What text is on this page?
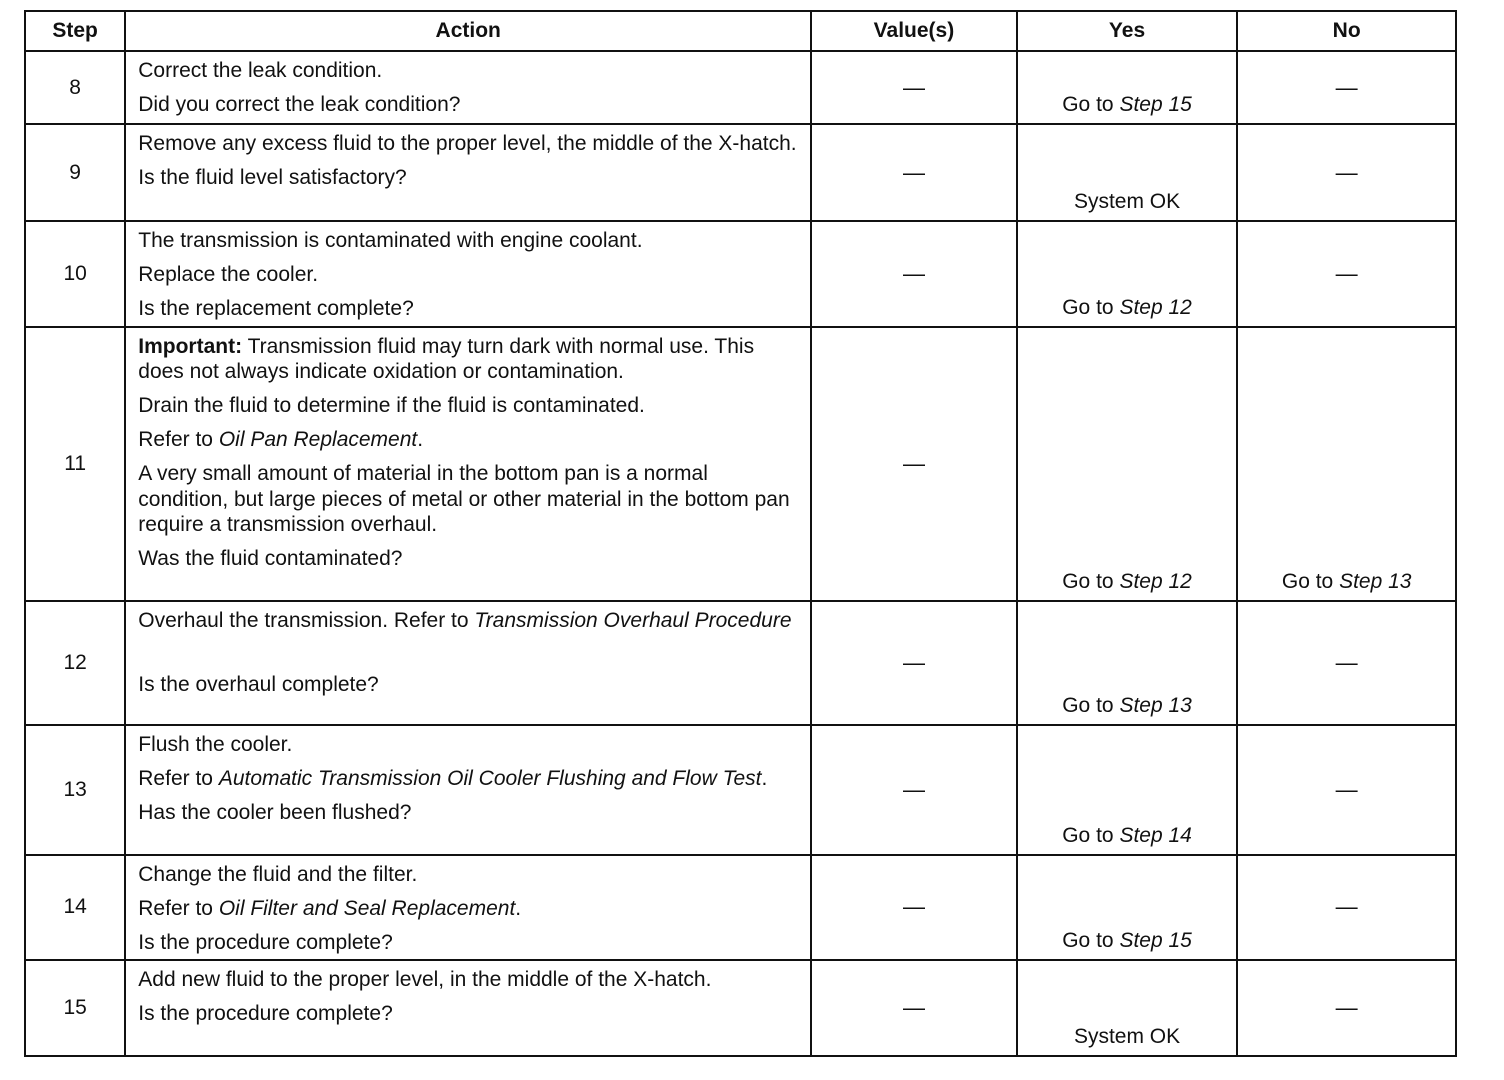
Step	Action	Value(s)	Yes	No
8	Correct the leak condition.

Did you correct the leak condition?	—	Go to Step 15	—
9	Remove any excess fluid to the proper level, the middle of the X-hatch.

Is the fluid level satisfactory?	—	System OK	—
10	The transmission is contaminated with engine coolant.

Replace the cooler.

Is the replacement complete?	—	Go to Step 12	—
11	Important: Transmission fluid may turn dark with normal use. This does not always indicate oxidation or contamination.

Drain the fluid to determine if the fluid is contaminated.

Refer to Oil Pan Replacement.

A very small amount of material in the bottom pan is a normal condition, but large pieces of metal or other material in the bottom pan require a transmission overhaul.

Was the fluid contaminated?	—	Go to Step 12	Go to Step 13
12	Overhaul the transmission. Refer to Transmission Overhaul Procedure

Is the overhaul complete?	—	Go to Step 13	—
13	Flush the cooler.

Refer to Automatic Transmission Oil Cooler Flushing and Flow Test.

Has the cooler been flushed?	—	Go to Step 14	—
14	Change the fluid and the filter.

Refer to Oil Filter and Seal Replacement.

Is the procedure complete?	—	Go to Step 15	—
15	Add new fluid to the proper level, in the middle of the X-hatch.

Is the procedure complete?	—	System OK	—
